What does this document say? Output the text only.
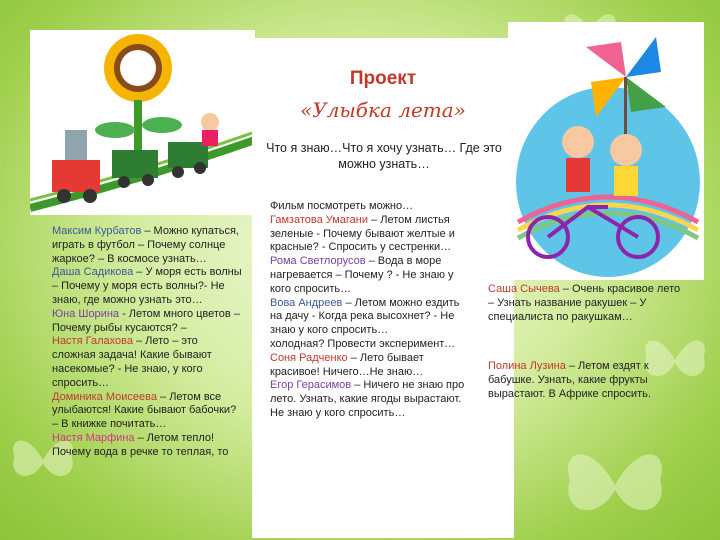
Проект
«Улыбка лета»
Что я знаю…Что я хочу узнать… Где это можно узнать…

Максим Курбатов – Можно купаться, играть в футбол – Почему солнце жаркое? – В космосе узнать…

Даша Садикова – У моря есть волны – Почему у моря есть волны?- Не знаю, где можно узнать это…

Юна Шорина - Летом много цветов – Почему рыбы кусаются? –

Настя Галахова – Лето – это сложная задача! Какие бывают насекомые? - Не знаю, у кого спросить…

Доминика Моисеева – Летом все улыбаются! Какие бывают бабочки? – В книжке почитать…

Настя Марфина – Летом тепло! Почему вода в речке то теплая, то

Фильм посмотреть можно…

Гамзатова Умагани – Летом листья зеленые - Почему бывают желтые и красные? - Спросить у сестренки…

Рома Светлорусов – Вода в море нагревается – Почему ? - Не знаю у кого спросить…

Вова Андреев – Летом можно ездить на дачу - Когда река высохнет? - Не знаю у кого спросить…

холодная? Провести эксперимент…

Соня Радченко – Лето бывает красивое! Ничего…Не знаю…

Егор Герасимов – Ничего не знаю про лето. Узнать, какие ягоды вырастают. Не знаю у кого спросить…

Саша Сычева – Очень красивое лето – Узнать название ракушек – У специалиста по ракушкам…

Полина Лузина – Летом ездят к бабушке. Узнать, какие фрукты вырастают. В Африке спросить.
